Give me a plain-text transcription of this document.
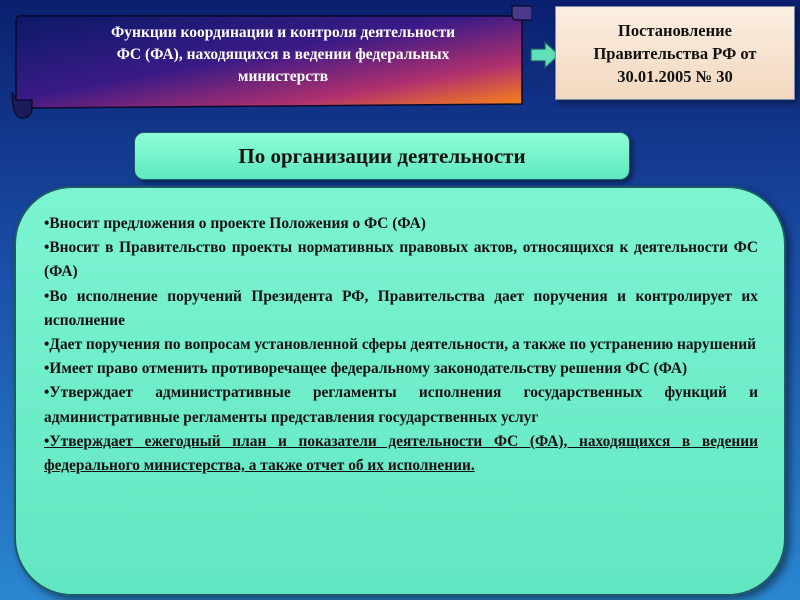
Функции координации и контроля деятельности
ФС (ФА), находящихся в ведении федеральных
министерств
Постановление
Правительства РФ от
30.01.2005 № 30
По организации деятельности
•Вносит предложения о проекте Положения о ФС (ФА)
•Вносит в Правительство проекты нормативных правовых актов, относящихся к деятельности ФС (ФА)
•Во исполнение поручений Президента РФ, Правительства дает поручения и контролирует их исполнение
•Дает поручения по вопросам установленной сферы деятельности, а также по устранению нарушений
•Имеет право отменить противоречащее федеральному законодательству решения ФС (ФА)
•Утверждает административные регламенты исполнения государственных функций и административные регламенты представления государственных услуг
•Утверждает ежегодный план и показатели деятельности ФС (ФА), находящихся в ведении федерального министерства, а также отчет об их исполнении.
